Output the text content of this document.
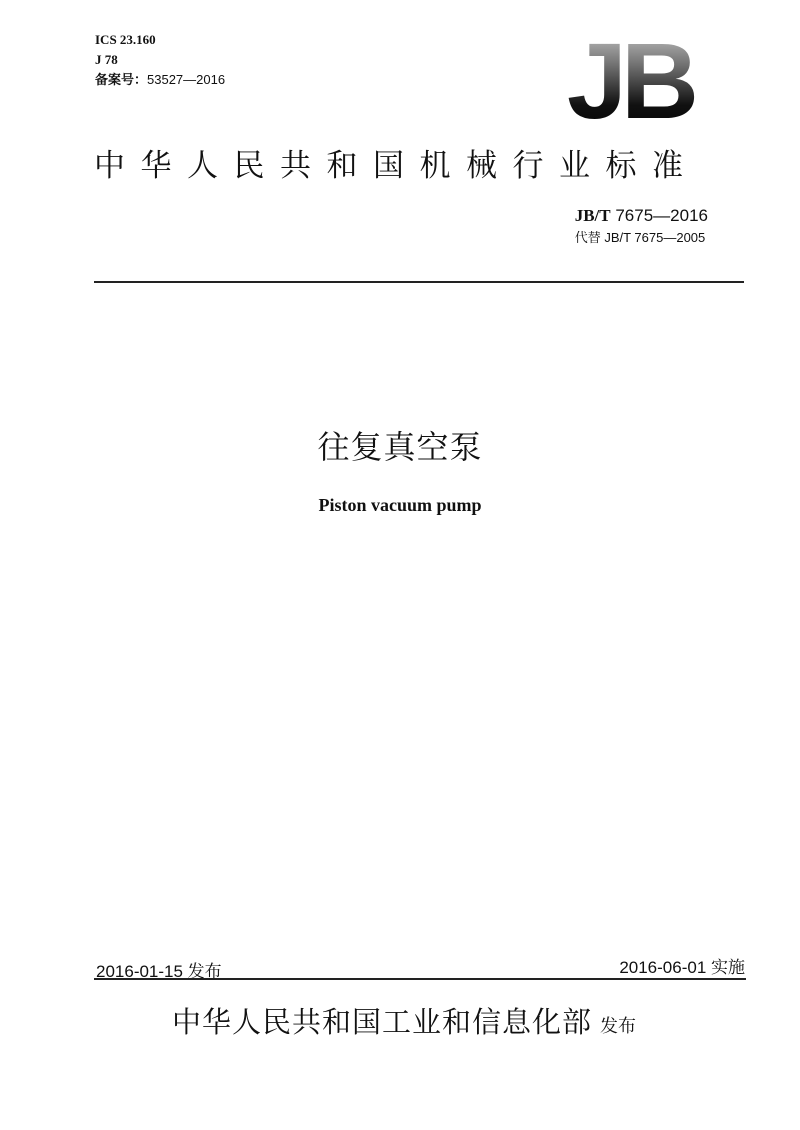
ICS 23.160
J 78
备案号：53527—2016	JB
中华人民共和国机械行业标准
JB/T 7675—2016
代替 JB/T 7675—2005
往复真空泵
Piston vacuum pump
2016-01-15 发布	2016-06-01 实施
中华人民共和国工业和信息化部 发布
